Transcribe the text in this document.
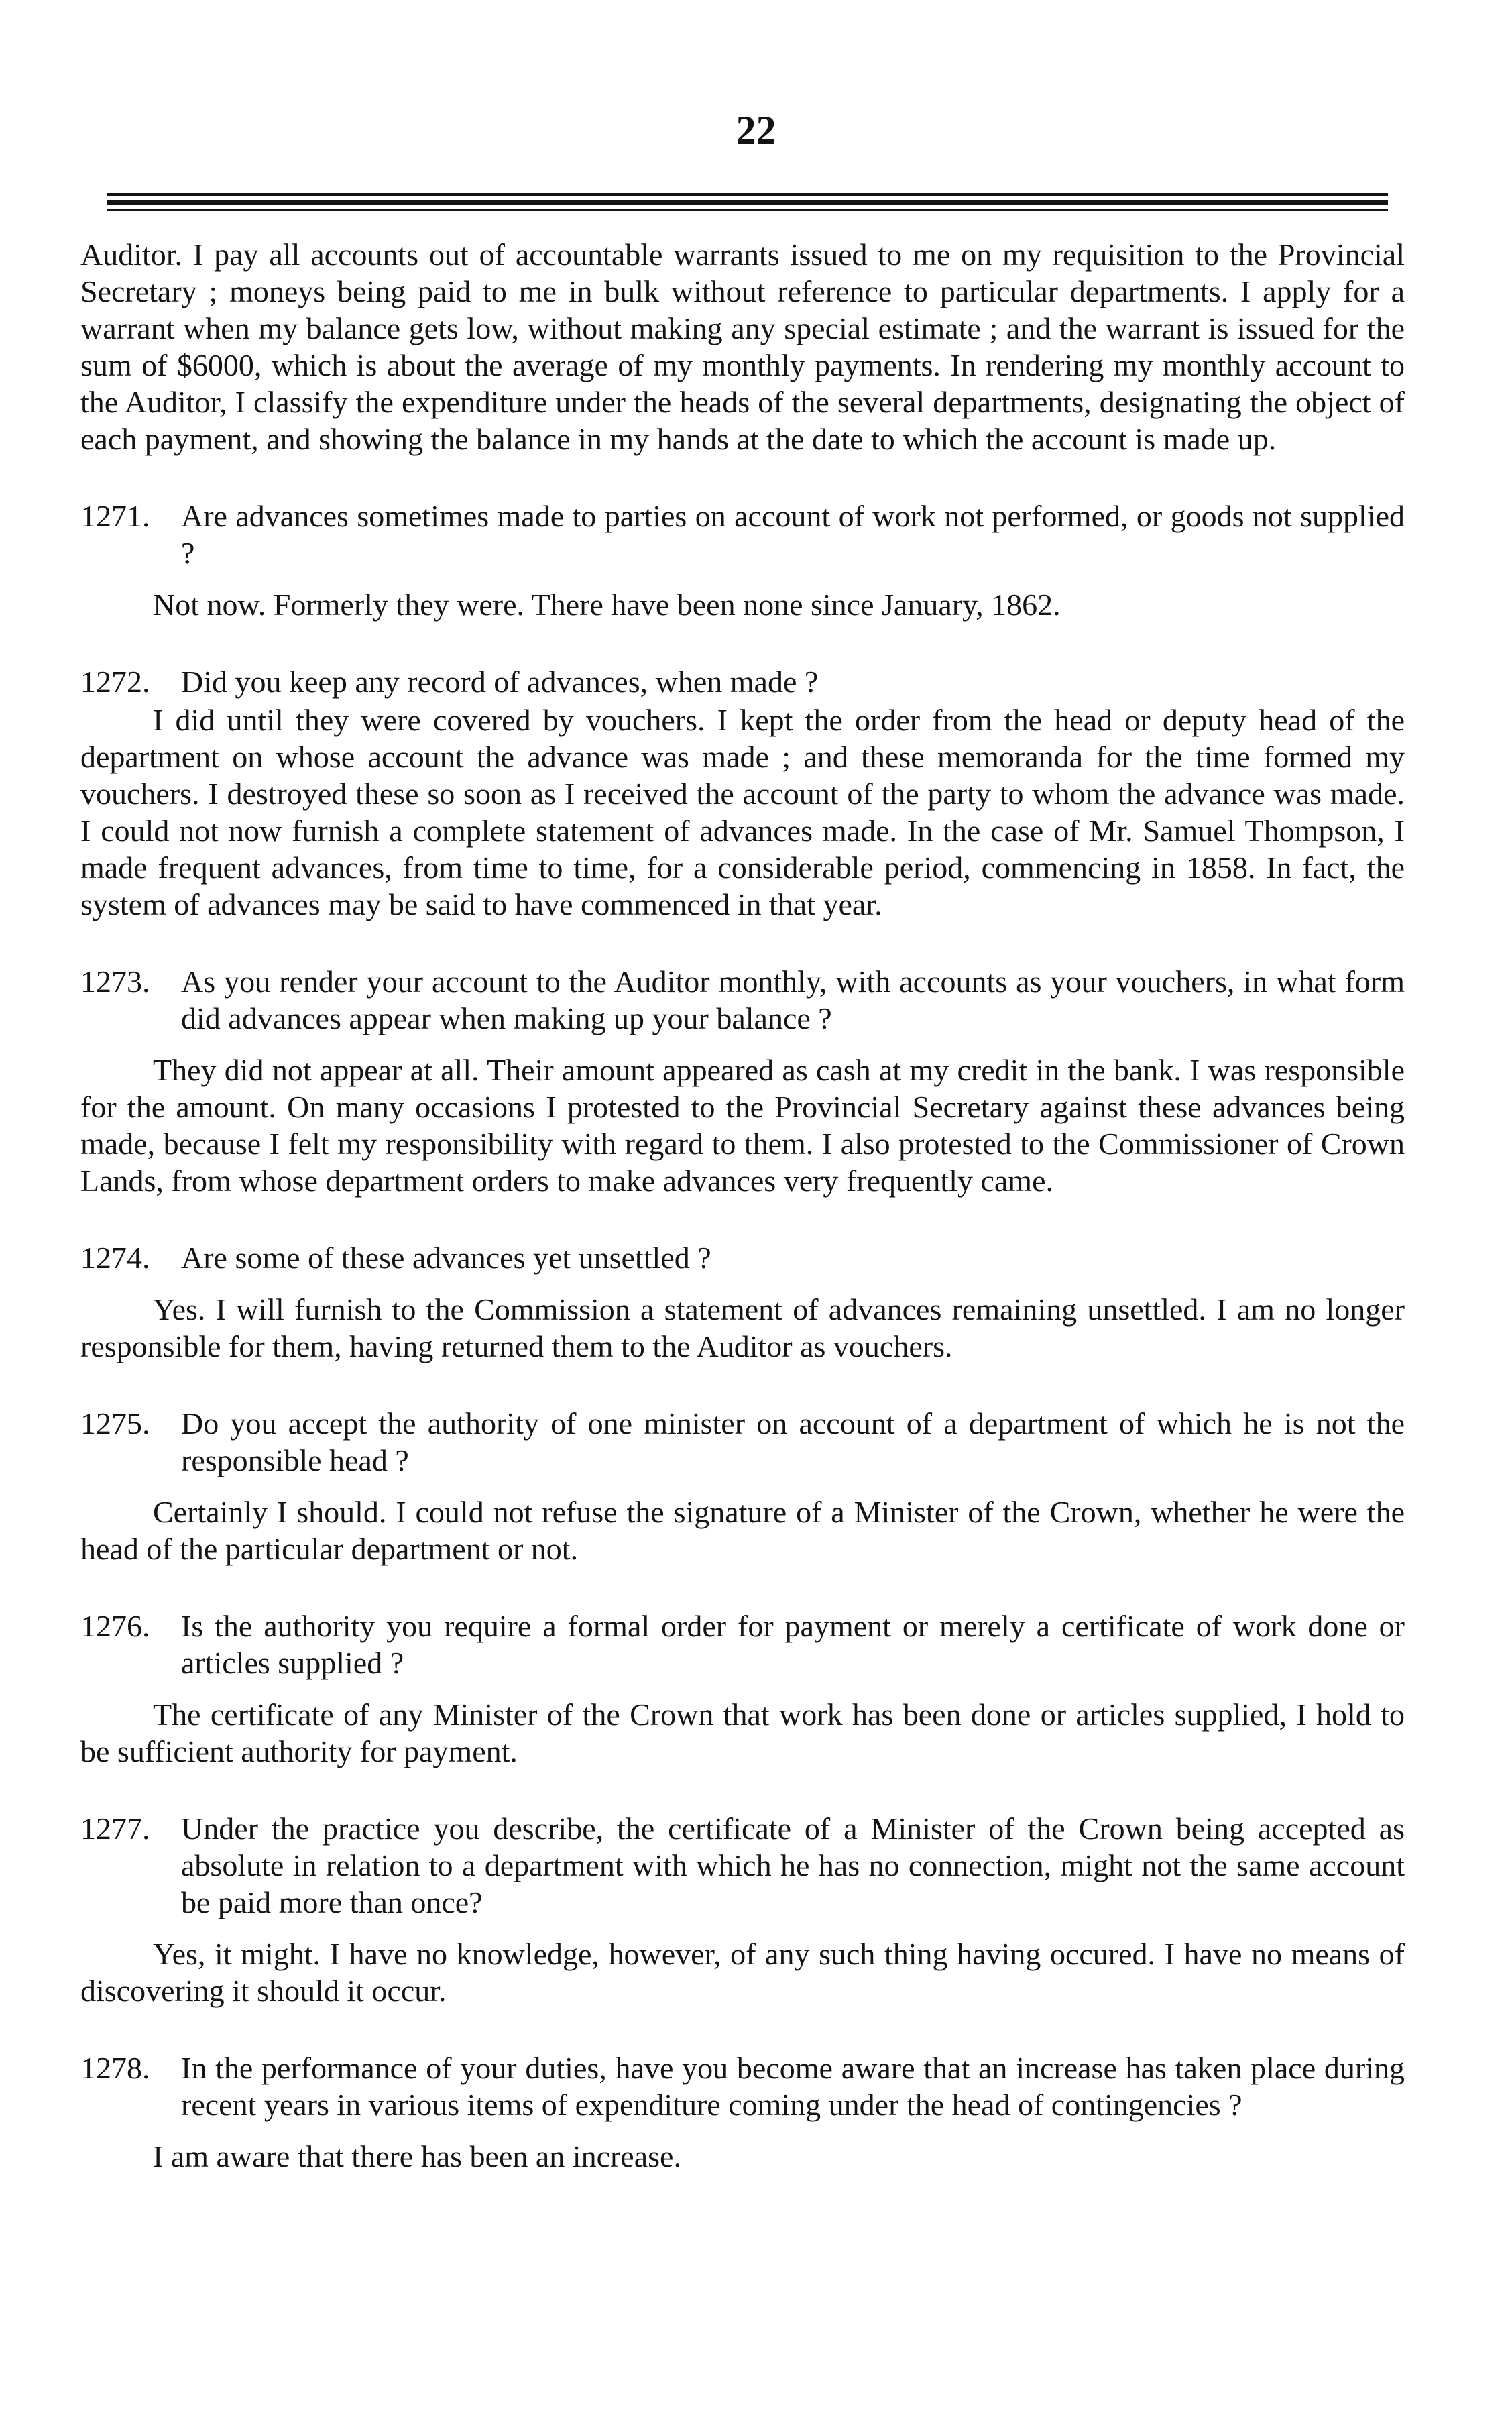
22

Auditor. I pay all accounts out of accountable warrants issued to me on my requisition to the Provincial Secretary ; moneys being paid to me in bulk without reference to particular departments. I apply for a warrant when my balance gets low, without making any special estimate ; and the warrant is issued for the sum of $6000, which is about the average of my monthly payments. In rendering my monthly account to the Auditor, I classify the expenditure under the heads of the several departments, designating the object of each payment, and showing the balance in my hands at the date to which the account is made up.

1271. Are advances sometimes made to parties on account of work not performed, or goods not supplied ?

Not now. Formerly they were. There have been none since January, 1862.

1272. Did you keep any record of advances, when made ?

I did until they were covered by vouchers. I kept the order from the head or deputy head of the department on whose account the advance was made ; and these memoranda for the time formed my vouchers. I destroyed these so soon as I received the account of the party to whom the advance was made. I could not now furnish a complete statement of advances made. In the case of Mr. Samuel Thompson, I made frequent advances, from time to time, for a considerable period, commencing in 1858. In fact, the system of advances may be said to have commenced in that year.

1273. As you render your account to the Auditor monthly, with accounts as your vouchers, in what form did advances appear when making up your balance ?

They did not appear at all. Their amount appeared as cash at my credit in the bank. I was responsible for the amount. On many occasions I protested to the Provincial Secretary against these advances being made, because I felt my responsibility with regard to them. I also protested to the Commissioner of Crown Lands, from whose department orders to make advances very frequently came.

1274. Are some of these advances yet unsettled ?

Yes. I will furnish to the Commission a statement of advances remaining unsettled. I am no longer responsible for them, having returned them to the Auditor as vouchers.

1275. Do you accept the authority of one minister on account of a department of which he is not the responsible head ?

Certainly I should. I could not refuse the signature of a Minister of the Crown, whether he were the head of the particular department or not.

1276. Is the authority you require a formal order for payment or merely a certificate of work done or articles supplied ?

The certificate of any Minister of the Crown that work has been done or articles supplied, I hold to be sufficient authority for payment.

1277. Under the practice you describe, the certificate of a Minister of the Crown being accepted as absolute in relation to a department with which he has no connection, might not the same account be paid more than once?

Yes, it might. I have no knowledge, however, of any such thing having occured. I have no means of discovering it should it occur.

1278. In the performance of your duties, have you become aware that an increase has taken place during recent years in various items of expenditure coming under the head of contingencies ?

I am aware that there has been an increase.
